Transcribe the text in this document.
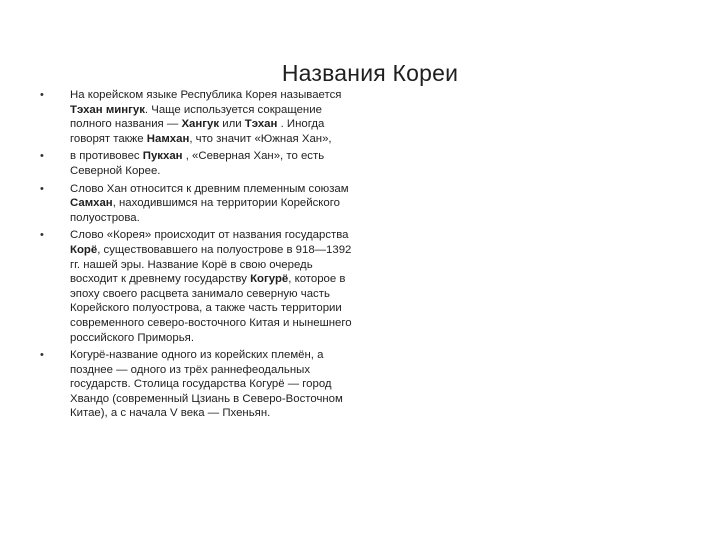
Названия Кореи
•	На корейском языке Республика Корея называется Тэхан мингук. Чаще используется сокращение полного названия — Хангук или Тэхан . Иногда говорят также Намхан, что значит «Южная Хан»,
•	в противовес Пукхан , «Северная Хан», то есть Северной Корее.
•	Слово Хан относится к древним племенным союзам Самхан, находившимся на территории Корейского полуострова.
•	Слово «Корея» происходит от названия государства Корё, существовавшего на полуострове в 918—1392 гг. нашей эры. Название Корё в свою очередь восходит к древнему государству Когурё, которое в эпоху своего расцвета занимало северную часть Корейского полуострова, а также часть территории современного северо-восточного Китая и нынешнего российского Приморья.
•	Когурё-название одного из корейских племён, а позднее — одного из трёх раннефеодальных государств. Столица государства Когурё — город Хвандо (современный Цзиань в Северо-Восточном Китае), а с начала V века — Пхеньян.
